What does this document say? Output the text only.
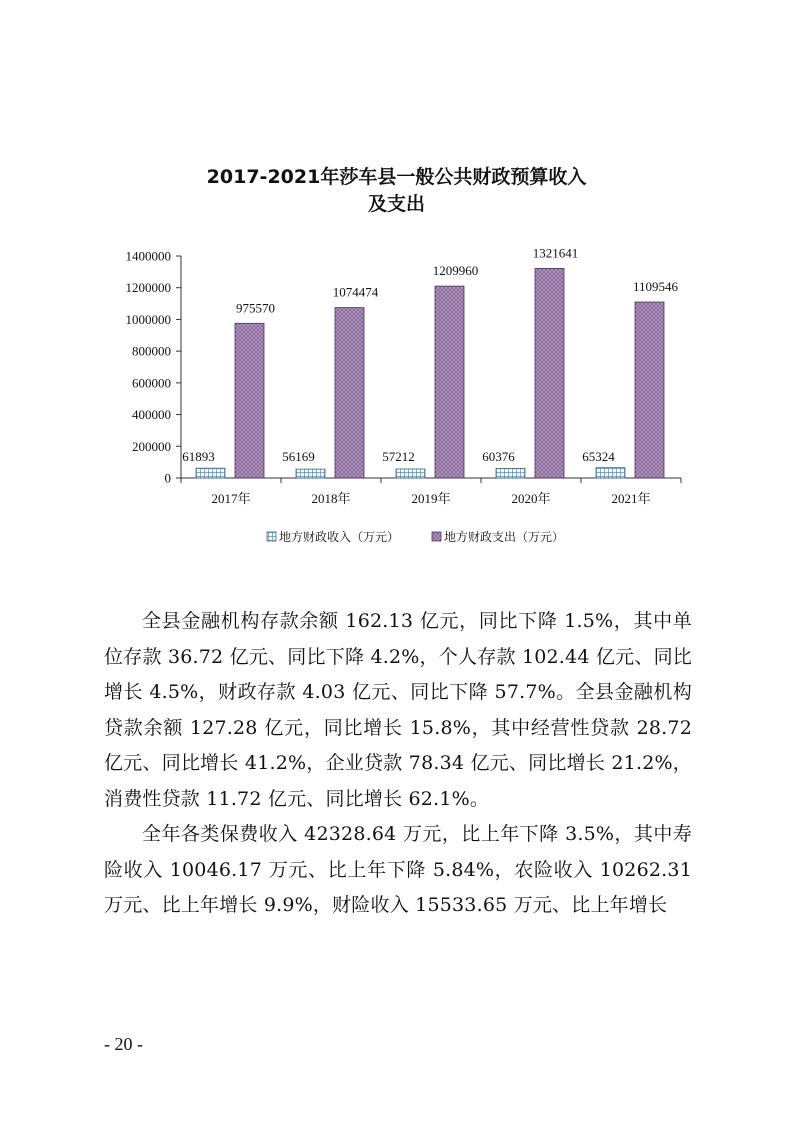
2017-2021年莎车县一般公共财政预算收入
及支出
0
200000
400000
600000
800000
1000000
1200000
1400000
2017年	2018年	2019年	2020年	2021年
61893
975570
56169
1074474
57212
1209960
60376
1321641
65324
1109546
地方财政收入（万元）	地方财政支出（万元）

全县金融机构存款余额 162.13 亿元，同比下降 1.5%，其中单位存款 36.72 亿元、同比下降 4.2%，个人存款 102.44 亿元、同比增长 4.5%，财政存款 4.03 亿元、同比下降 57.7%。全县金融机构贷款余额 127.28 亿元，同比增长 15.8%，其中经营性贷款 28.72 亿元、同比增长 41.2%，企业贷款 78.34 亿元、同比增长 21.2%，消费性贷款 11.72 亿元、同比增长 62.1%。

全年各类保费收入 42328.64 万元，比上年下降 3.5%，其中寿险收入 10046.17 万元、比上年下降 5.84%，农险收入 10262.31 万元、比上年增长 9.9%，财险收入 15533.65 万元、比上年增长

- 20 -
